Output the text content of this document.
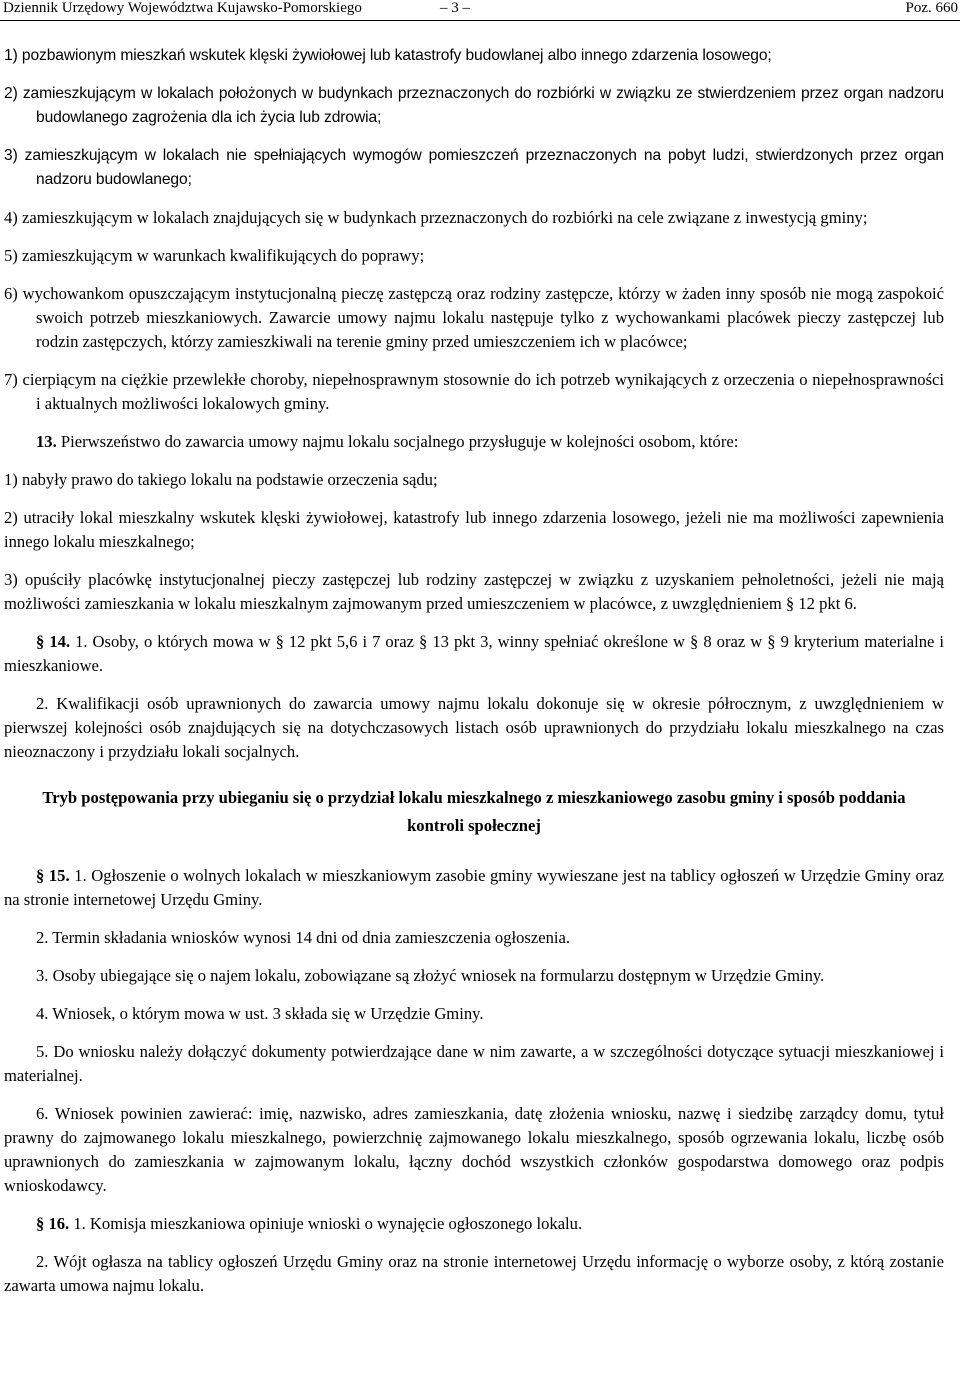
Dziennik Urzędowy Województwa Kujawsko-Pomorskiego	– 3 –	Poz. 660

1) pozbawionym mieszkań wskutek klęski żywiołowej lub katastrofy budowlanej albo innego zdarzenia losowego;

2) zamieszkującym w lokalach położonych w budynkach przeznaczonych do rozbiórki w związku ze stwierdzeniem przez organ nadzoru budowlanego zagrożenia dla ich życia lub zdrowia;

3) zamieszkującym w lokalach nie spełniających wymogów pomieszczeń przeznaczonych na pobyt ludzi, stwierdzonych przez organ nadzoru budowlanego;

4) zamieszkującym w lokalach znajdujących się w budynkach przeznaczonych do rozbiórki na cele związane z inwestycją gminy;

5) zamieszkującym w warunkach kwalifikujących do poprawy;

6) wychowankom opuszczającym instytucjonalną pieczę zastępczą oraz rodziny zastępcze, którzy w żaden inny sposób nie mogą zaspokoić swoich potrzeb mieszkaniowych. Zawarcie umowy najmu lokalu następuje tylko z wychowankami placówek pieczy zastępczej lub rodzin zastępczych, którzy zamieszkiwali na terenie gminy przed umieszczeniem ich w placówce;

7) cierpiącym na ciężkie przewlekłe choroby, niepełnosprawnym stosownie do ich potrzeb wynikających z orzeczenia o niepełnosprawności i aktualnych możliwości lokalowych gminy.

13. Pierwszeństwo do zawarcia umowy najmu lokalu socjalnego przysługuje w kolejności osobom, które:

1) nabyły prawo do takiego lokalu na podstawie orzeczenia sądu;

2) utraciły lokal mieszkalny wskutek klęski żywiołowej, katastrofy lub innego zdarzenia losowego, jeżeli nie ma możliwości zapewnienia innego lokalu mieszkalnego;

3) opuściły placówkę instytucjonalnej pieczy zastępczej lub rodziny zastępczej w związku z uzyskaniem pełnoletności, jeżeli nie mają możliwości zamieszkania w lokalu mieszkalnym zajmowanym przed umieszczeniem w placówce, z uwzględnieniem § 12 pkt 6.

§ 14. 1. Osoby, o których mowa w § 12 pkt 5,6 i 7 oraz § 13 pkt 3, winny spełniać określone w § 8 oraz w § 9 kryterium materialne i mieszkaniowe.

2. Kwalifikacji osób uprawnionych do zawarcia umowy najmu lokalu dokonuje się w okresie półrocznym, z uwzględnieniem w pierwszej kolejności osób znajdujących się na dotychczasowych listach osób uprawnionych do przydziału lokalu mieszkalnego na czas nieoznaczony i przydziału lokali socjalnych.

Tryb postępowania przy ubieganiu się o przydział lokalu mieszkalnego z mieszkaniowego zasobu gminy i sposób poddania kontroli społecznej

§ 15. 1. Ogłoszenie o wolnych lokalach w mieszkaniowym zasobie gminy wywieszane jest na tablicy ogłoszeń w Urzędzie Gminy oraz na stronie internetowej Urzędu Gminy.

2. Termin składania wniosków wynosi 14 dni od dnia zamieszczenia ogłoszenia.

3. Osoby ubiegające się o najem lokalu, zobowiązane są złożyć wniosek na formularzu dostępnym w Urzędzie Gminy.

4. Wniosek, o którym mowa w ust. 3 składa się w Urzędzie Gminy.

5. Do wniosku należy dołączyć dokumenty potwierdzające dane w nim zawarte, a w szczególności dotyczące sytuacji mieszkaniowej i materialnej.

6. Wniosek powinien zawierać: imię, nazwisko, adres zamieszkania, datę złożenia wniosku, nazwę i siedzibę zarządcy domu, tytuł prawny do zajmowanego lokalu mieszkalnego, powierzchnię zajmowanego lokalu mieszkalnego, sposób ogrzewania lokalu, liczbę osób uprawnionych do zamieszkania w zajmowanym lokalu, łączny dochód wszystkich członków gospodarstwa domowego oraz podpis wnioskodawcy.

§ 16. 1. Komisja mieszkaniowa opiniuje wnioski o wynajęcie ogłoszonego lokalu.

2. Wójt ogłasza na tablicy ogłoszeń Urzędu Gminy oraz na stronie internetowej Urzędu informację o wyborze osoby, z którą zostanie zawarta umowa najmu lokalu.
